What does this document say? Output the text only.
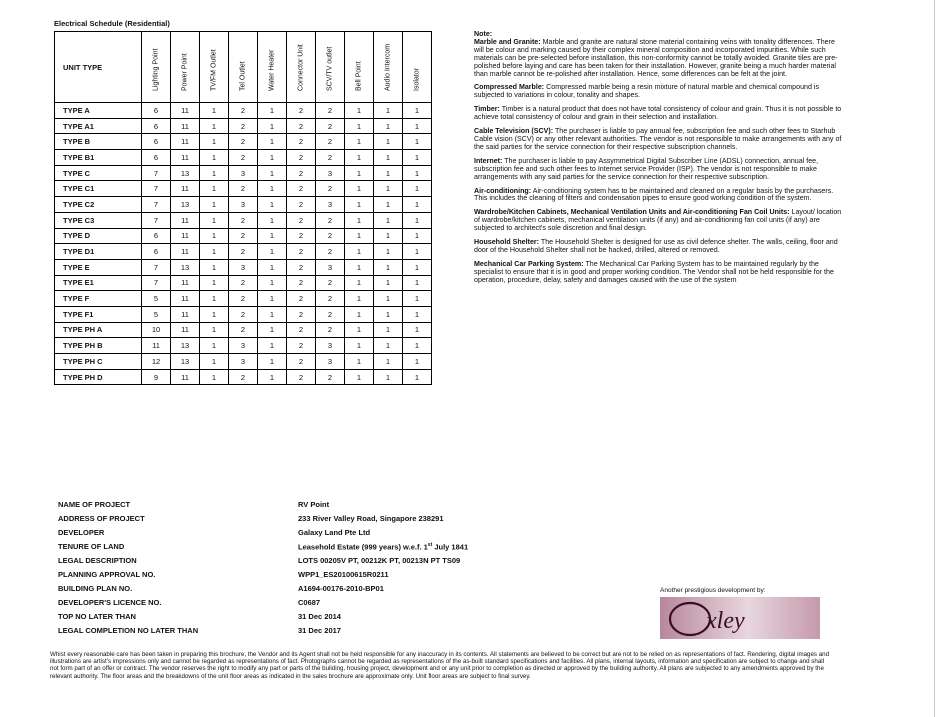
Electrical Schedule (Residential)
UNIT TYPE	Lighting Point	Power Point	TV/FM Outlet	Tel Outlet	Water Heater	Connector Unit	SCV/TV outlet	Bell Point	Audio Intercom	Isolator

TYPE A	6	11	1	2	1	2	2	1	1	1
TYPE A1	6	11	1	2	1	2	2	1	1	1
TYPE B	6	11	1	2	1	2	2	1	1	1
TYPE B1	6	11	1	2	1	2	2	1	1	1
TYPE C	7	13	1	3	1	2	3	1	1	1
TYPE C1	7	11	1	2	1	2	2	1	1	1
TYPE C2	7	13	1	3	1	2	3	1	1	1
TYPE C3	7	11	1	2	1	2	2	1	1	1
TYPE D	6	11	1	2	1	2	2	1	1	1
TYPE D1	6	11	1	2	1	2	2	1	1	1
TYPE E	7	13	1	3	1	2	3	1	1	1
TYPE E1	7	11	1	2	1	2	2	1	1	1
TYPE F	5	11	1	2	1	2	2	1	1	1
TYPE F1	5	11	1	2	1	2	2	1	1	1
TYPE PH A	10	11	1	2	1	2	2	1	1	1
TYPE PH B	11	13	1	3	1	2	3	1	1	1
TYPE PH C	12	13	1	3	1	2	3	1	1	1
TYPE PH D	9	11	1	2	1	2	2	1	1	1
Note:

Marble and Granite: Marble and granite are natural stone material containing veins with tonality differences. There will be colour and marking caused by their complex mineral composition and incorporated impurities. While such materials can be pre-selected before installation, this non-conformity cannot be totally avoided. Granite tiles are pre-polished before laying and care has been taken for their installation. However, granite being a much harder material than marble cannot be re-polished after installation. Hence, some differences can be felt at the joint.

Compressed Marble: Compressed marble being a resin mixture of natural marble and chemical compound is subjected to variations in colour, tonality and shapes.

Timber: Timber is a natural product that does not have total consistency of colour and grain. Thus it is not possible to achieve total consistency of colour and grain in their selection and installation.

Cable Television (SCV): The purchaser is liable to pay annual fee, subscription fee and such other fees to Starhub Cable vision (SCV) or any other relevant authorities. The vendor is not responsible to make arrangements with any of the said parties for the service connection for their respective subscription channels.

Internet: The purchaser is liable to pay Assymmetrical Digital Subscriber Line (ADSL) connection, annual fee, subscription fee and such other fees to Internet service Provider (ISP). The vendor is not responsible to make arrangements with any said parties for the service connection for their respective subscription.

Air-conditioning: Air-conditioning system has to be maintained and cleaned on a regular basis by the purchasers. This includes the cleaning of filters and condensation pipes to ensure good working condition of the system.

Wardrobe/Kitchen Cabinets, Mechanical Ventilation Units and Air-conditioning Fan Coil Units: Layout/ location of wardrobe/kitchen cabinets, mechanical ventilation units (if any) and air-conditioning fan coil units (if any) are subjected to architect's sole discretion and final design.

Household Shelter: The Household Shelter is designed for use as civil defence shelter. The walls, ceiling, floor and door of the Household Shelter shall not be hacked, drilled, altered or removed.

Mechanical Car Parking System: The Mechanical Car Parking System has to be maintained regularly by the specialist to ensure that it is in good and proper working condition. The Vendor shall not be held responsible for the operation, procedure, delay, safety and damages caused with the use of the system

NAME OF PROJECT	RV Point
ADDRESS OF PROJECT	233 River Valley Road, Singapore 238291
DEVELOPER	Galaxy Land Pte Ltd
TENURE OF LAND	Leasehold Estate (999 years) w.e.f. 1st July 1841
LEGAL DESCRIPTION	LOTS 00205V PT, 00212K PT, 00213N PT TS09
PLANNING APPROVAL NO.	WPP1_ES20100615R0211
BUILDING PLAN NO.	A1694-00176-2010-BP01
DEVELOPER'S LICENCE NO.	C0687
TOP NO LATER THAN	31 Dec 2014
LEGAL COMPLETION NO LATER THAN	31 Dec 2017
Another prestigious development by:
xley
Whist every reasonable care has been taken in preparing this brochure, the Vendor and its Agent shall not be held responsible for any inaccuracy in its contents. All statements are believed to be correct but are not to be relied on as representations of fact. Rendering, digital images and illustrations are artist's impressions only and cannot be regarded as representations of fact. Photographs cannot be regarded as representations of the as-built standard specifications and facilities. All plans, internal layouts, information and specification are subject to change and shall not form part of an offer or contract. The vendor reserves the right to modify any part or parts of the building, housing project, development and or any unit prior to completion as directed or approved by the building authority. All plans are subjected to any amendments approved by the relevant authority. The floor areas and the breakdowns of the unit floor areas as indicated in the sales brochure are approximate only. Unit floor areas are subject to final survey.
